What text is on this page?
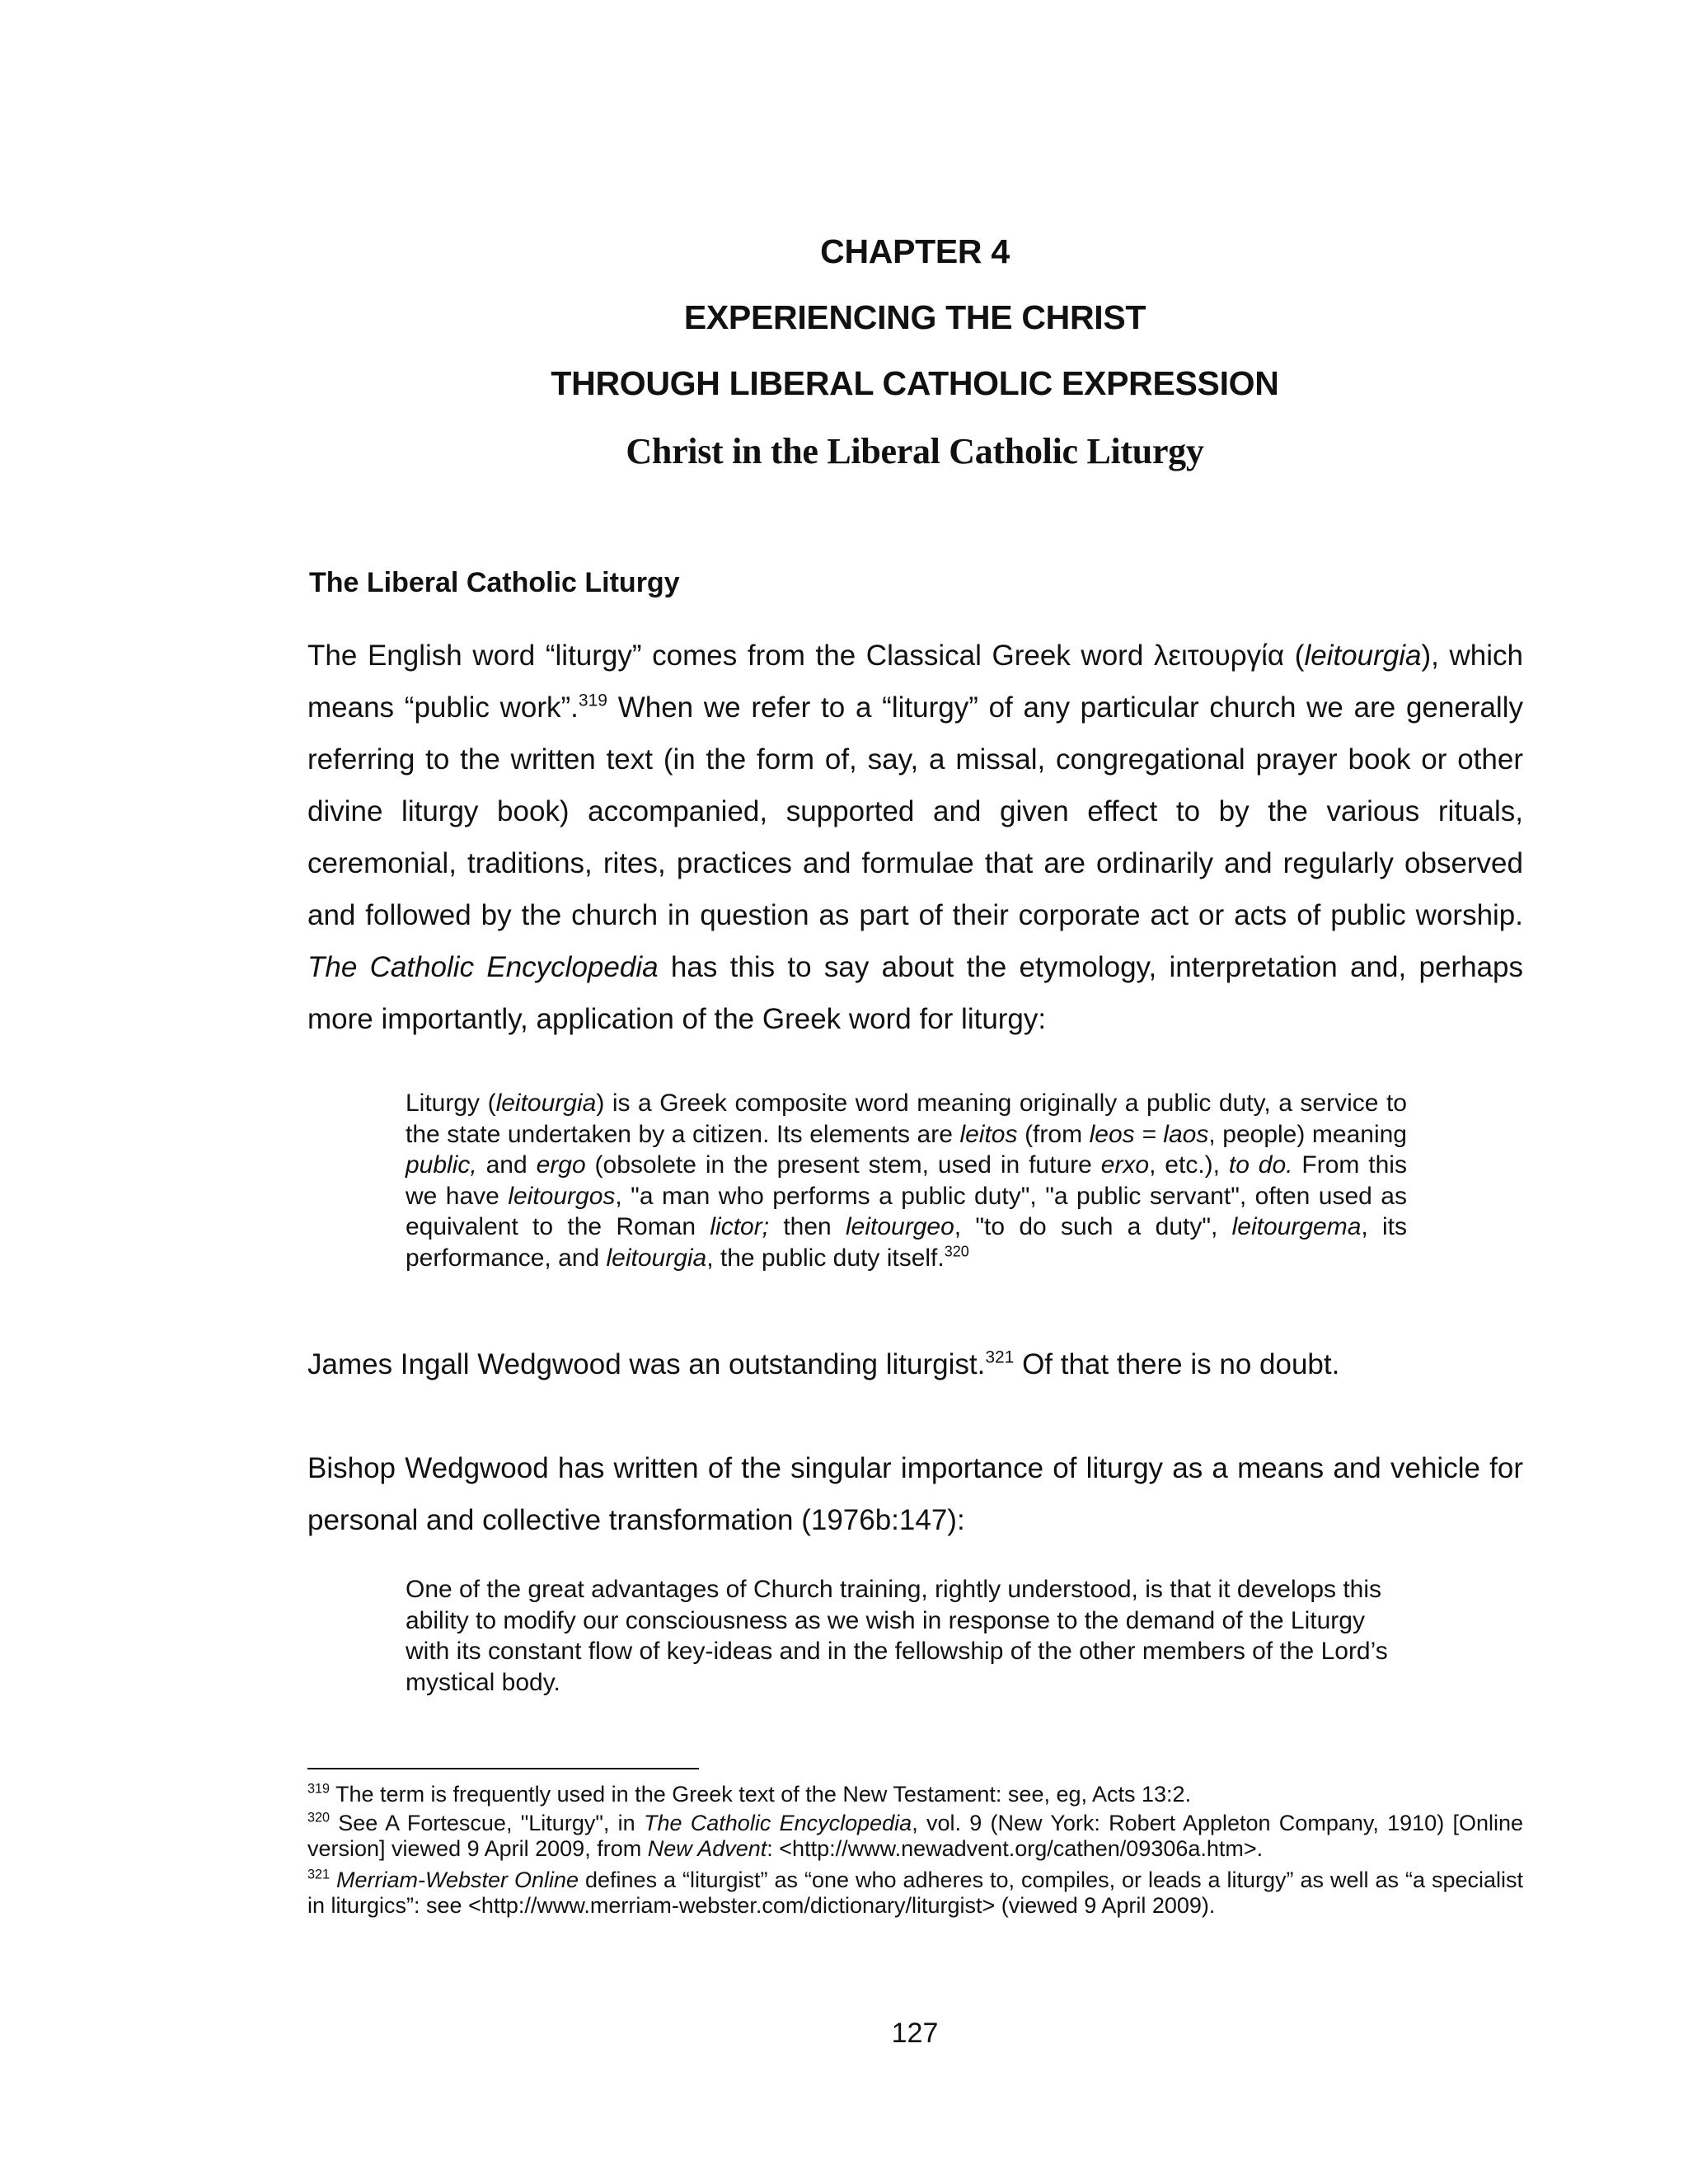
CHAPTER 4
EXPERIENCING THE CHRIST
THROUGH LIBERAL CATHOLIC EXPRESSION
Christ in the Liberal Catholic Liturgy
The Liberal Catholic Liturgy
The English word “liturgy” comes from the Classical Greek word λειτουργία (leitourgia), which means “public work”.$^{319}$ When we refer to a “liturgy” of any particular church we are generally referring to the written text (in the form of, say, a missal, congregational prayer book or other divine liturgy book) accompanied, supported and given effect to by the various rituals, ceremonial, traditions, rites, practices and formulae that are ordinarily and regularly observed and followed by the church in question as part of their corporate act or acts of public worship. The Catholic Encyclopedia has this to say about the etymology, interpretation and, perhaps more importantly, application of the Greek word for liturgy:
Liturgy (leitourgia) is a Greek composite word meaning originally a public duty, a service to the state undertaken by a citizen. Its elements are leitos (from leos = laos, people) meaning public, and ergo (obsolete in the present stem, used in future erxo, etc.), to do. From this we have leitourgos, "a man who performs a public duty", "a public servant", often used as equivalent to the Roman lictor; then leitourgeo, "to do such a duty", leitourgema, its performance, and leitourgia, the public duty itself.$^{320}$
James Ingall Wedgwood was an outstanding liturgist.$^{321}$ Of that there is no doubt.
Bishop Wedgwood has written of the singular importance of liturgy as a means and vehicle for personal and collective transformation (1976b:147):
One of the great advantages of Church training, rightly understood, is that it develops this ability to modify our consciousness as we wish in response to the demand of the Liturgy with its constant flow of key-ideas and in the fellowship of the other members of the Lord’s mystical body.
$^{319}$ The term is frequently used in the Greek text of the New Testament: see, eg, Acts 13:2.
$^{320}$ See A Fortescue, "Liturgy", in The Catholic Encyclopedia, vol. 9 (New York: Robert Appleton Company, 1910) [Online version] viewed 9 April 2009, from New Advent: <http://www.newadvent.org/cathen/09306a.htm>.
$^{321}$ Merriam-Webster Online defines a “liturgist” as “one who adheres to, compiles, or leads a liturgy” as well as “a specialist in liturgics”: see <http://www.merriam-webster.com/dictionary/liturgist> (viewed 9 April 2009).
127
